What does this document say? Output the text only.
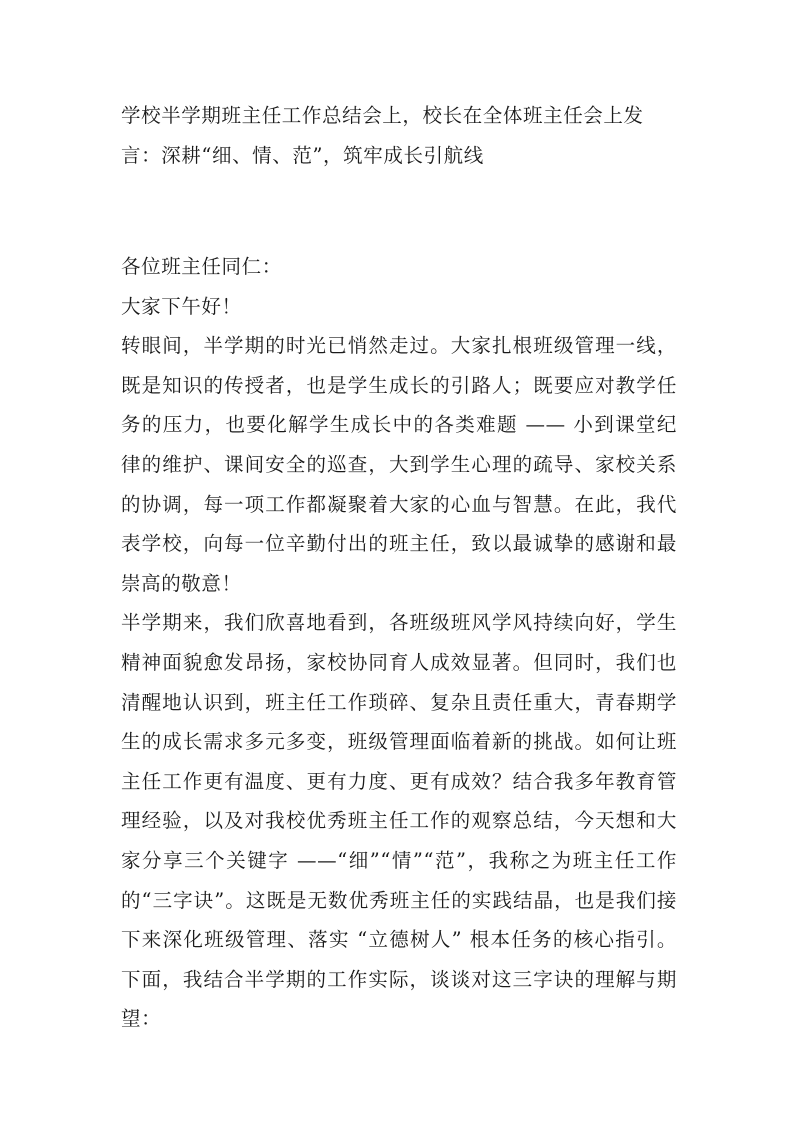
学校半学期班主任工作总结会上，校长在全体班主任会上发言：深耕“细、情、范”，筑牢成长引航线

各位班主任同仁：

大家下午好！

转眼间，半学期的时光已悄然走过。大家扎根班级管理一线，既是知识的传授者，也是学生成长的引路人；既要应对教学任务的压力，也要化解学生成长中的各类难题 —— 小到课堂纪律的维护、课间安全的巡查，大到学生心理的疏导、家校关系的协调，每一项工作都凝聚着大家的心血与智慧。在此，我代表学校，向每一位辛勤付出的班主任，致以最诚挚的感谢和最崇高的敬意！

半学期来，我们欣喜地看到，各班级班风学风持续向好，学生精神面貌愈发昂扬，家校协同育人成效显著。但同时，我们也清醒地认识到，班主任工作琐碎、复杂且责任重大，青春期学生的成长需求多元多变，班级管理面临着新的挑战。如何让班主任工作更有温度、更有力度、更有成效？结合我多年教育管理经验，以及对我校优秀班主任工作的观察总结，今天想和大家分享三个关键字 ——“细”“情”“范”，我称之为班主任工作的“三字诀”。这既是无数优秀班主任的实践结晶，也是我们接下来深化班级管理、落实 “立德树人” 根本任务的核心指引。下面，我结合半学期的工作实际，谈谈对这三字诀的理解与期望：
